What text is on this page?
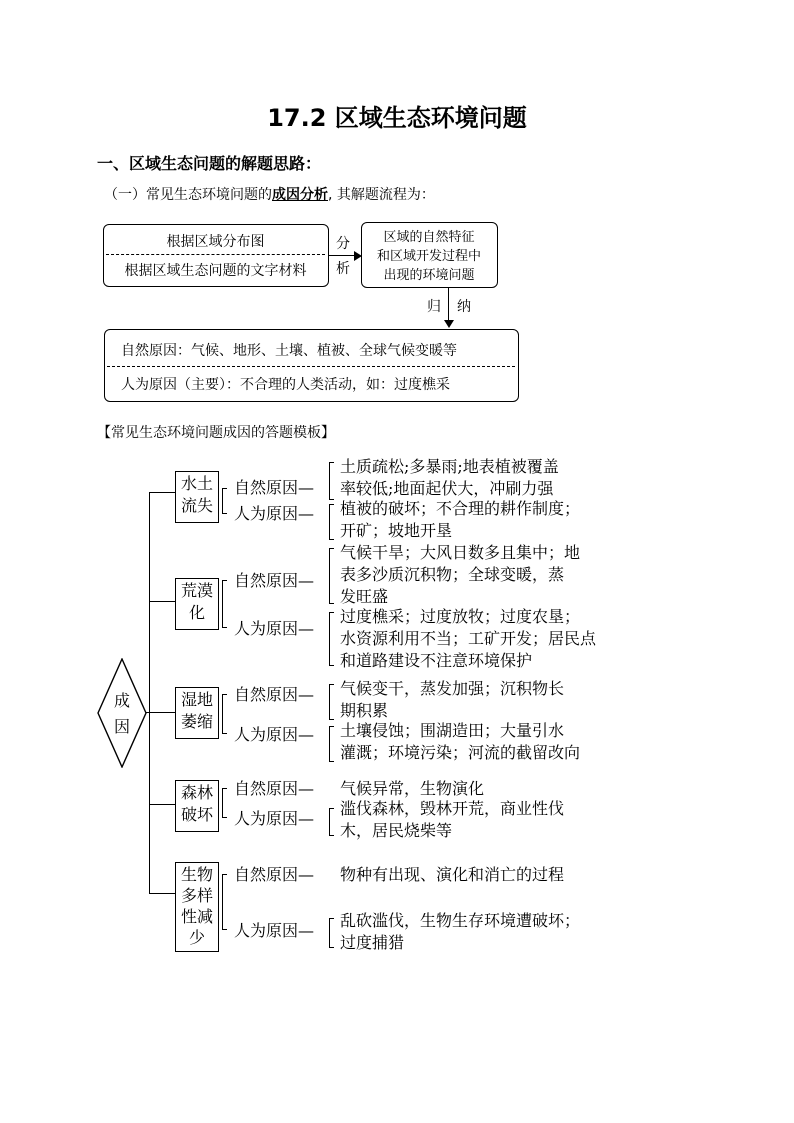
17.2 区域生态环境问题
一、区域生态问题的解题思路：
（一）常见生态环境问题的成因分析, 其解题流程为：
根据区域分布图
根据区域生态问题的文字材料
分
析
区域的自然特征
和区域开发过程中
出现的环境问题
归 纳
自然原因：气候、地形、土壤、植被、全球气候变暖等
人为原因（主要）：不合理的人类活动，如：过度樵采
【常见生态环境问题成因的答题模板】
成
因
水土
流失
自然原因—
人为原因—
土质疏松;多暴雨;地表植被覆盖
率较低;地面起伏大，冲刷力强
植被的破坏；不合理的耕作制度；
开矿；坡地开垦
荒漠
化
自然原因—
人为原因—
气候干旱；大风日数多且集中；地
表多沙质沉积物；全球变暖，蒸
发旺盛
过度樵采；过度放牧；过度农垦；
水资源利用不当；工矿开发；居民点
和道路建设不注意环境保护
湿地
萎缩
自然原因—
人为原因—
气候变干，蒸发加强；沉积物长
期积累
土壤侵蚀；围湖造田；大量引水
灌溉；环境污染；河流的截留改向
森林
破坏
自然原因—
人为原因—
气候异常，生物演化
滥伐森林，毁林开荒，商业性伐
木，居民烧柴等
生物
多样
性减
少
自然原因—
人为原因—
物种有出现、演化和消亡的过程
乱砍滥伐，生物生存环境遭破坏；
过度捕猎
